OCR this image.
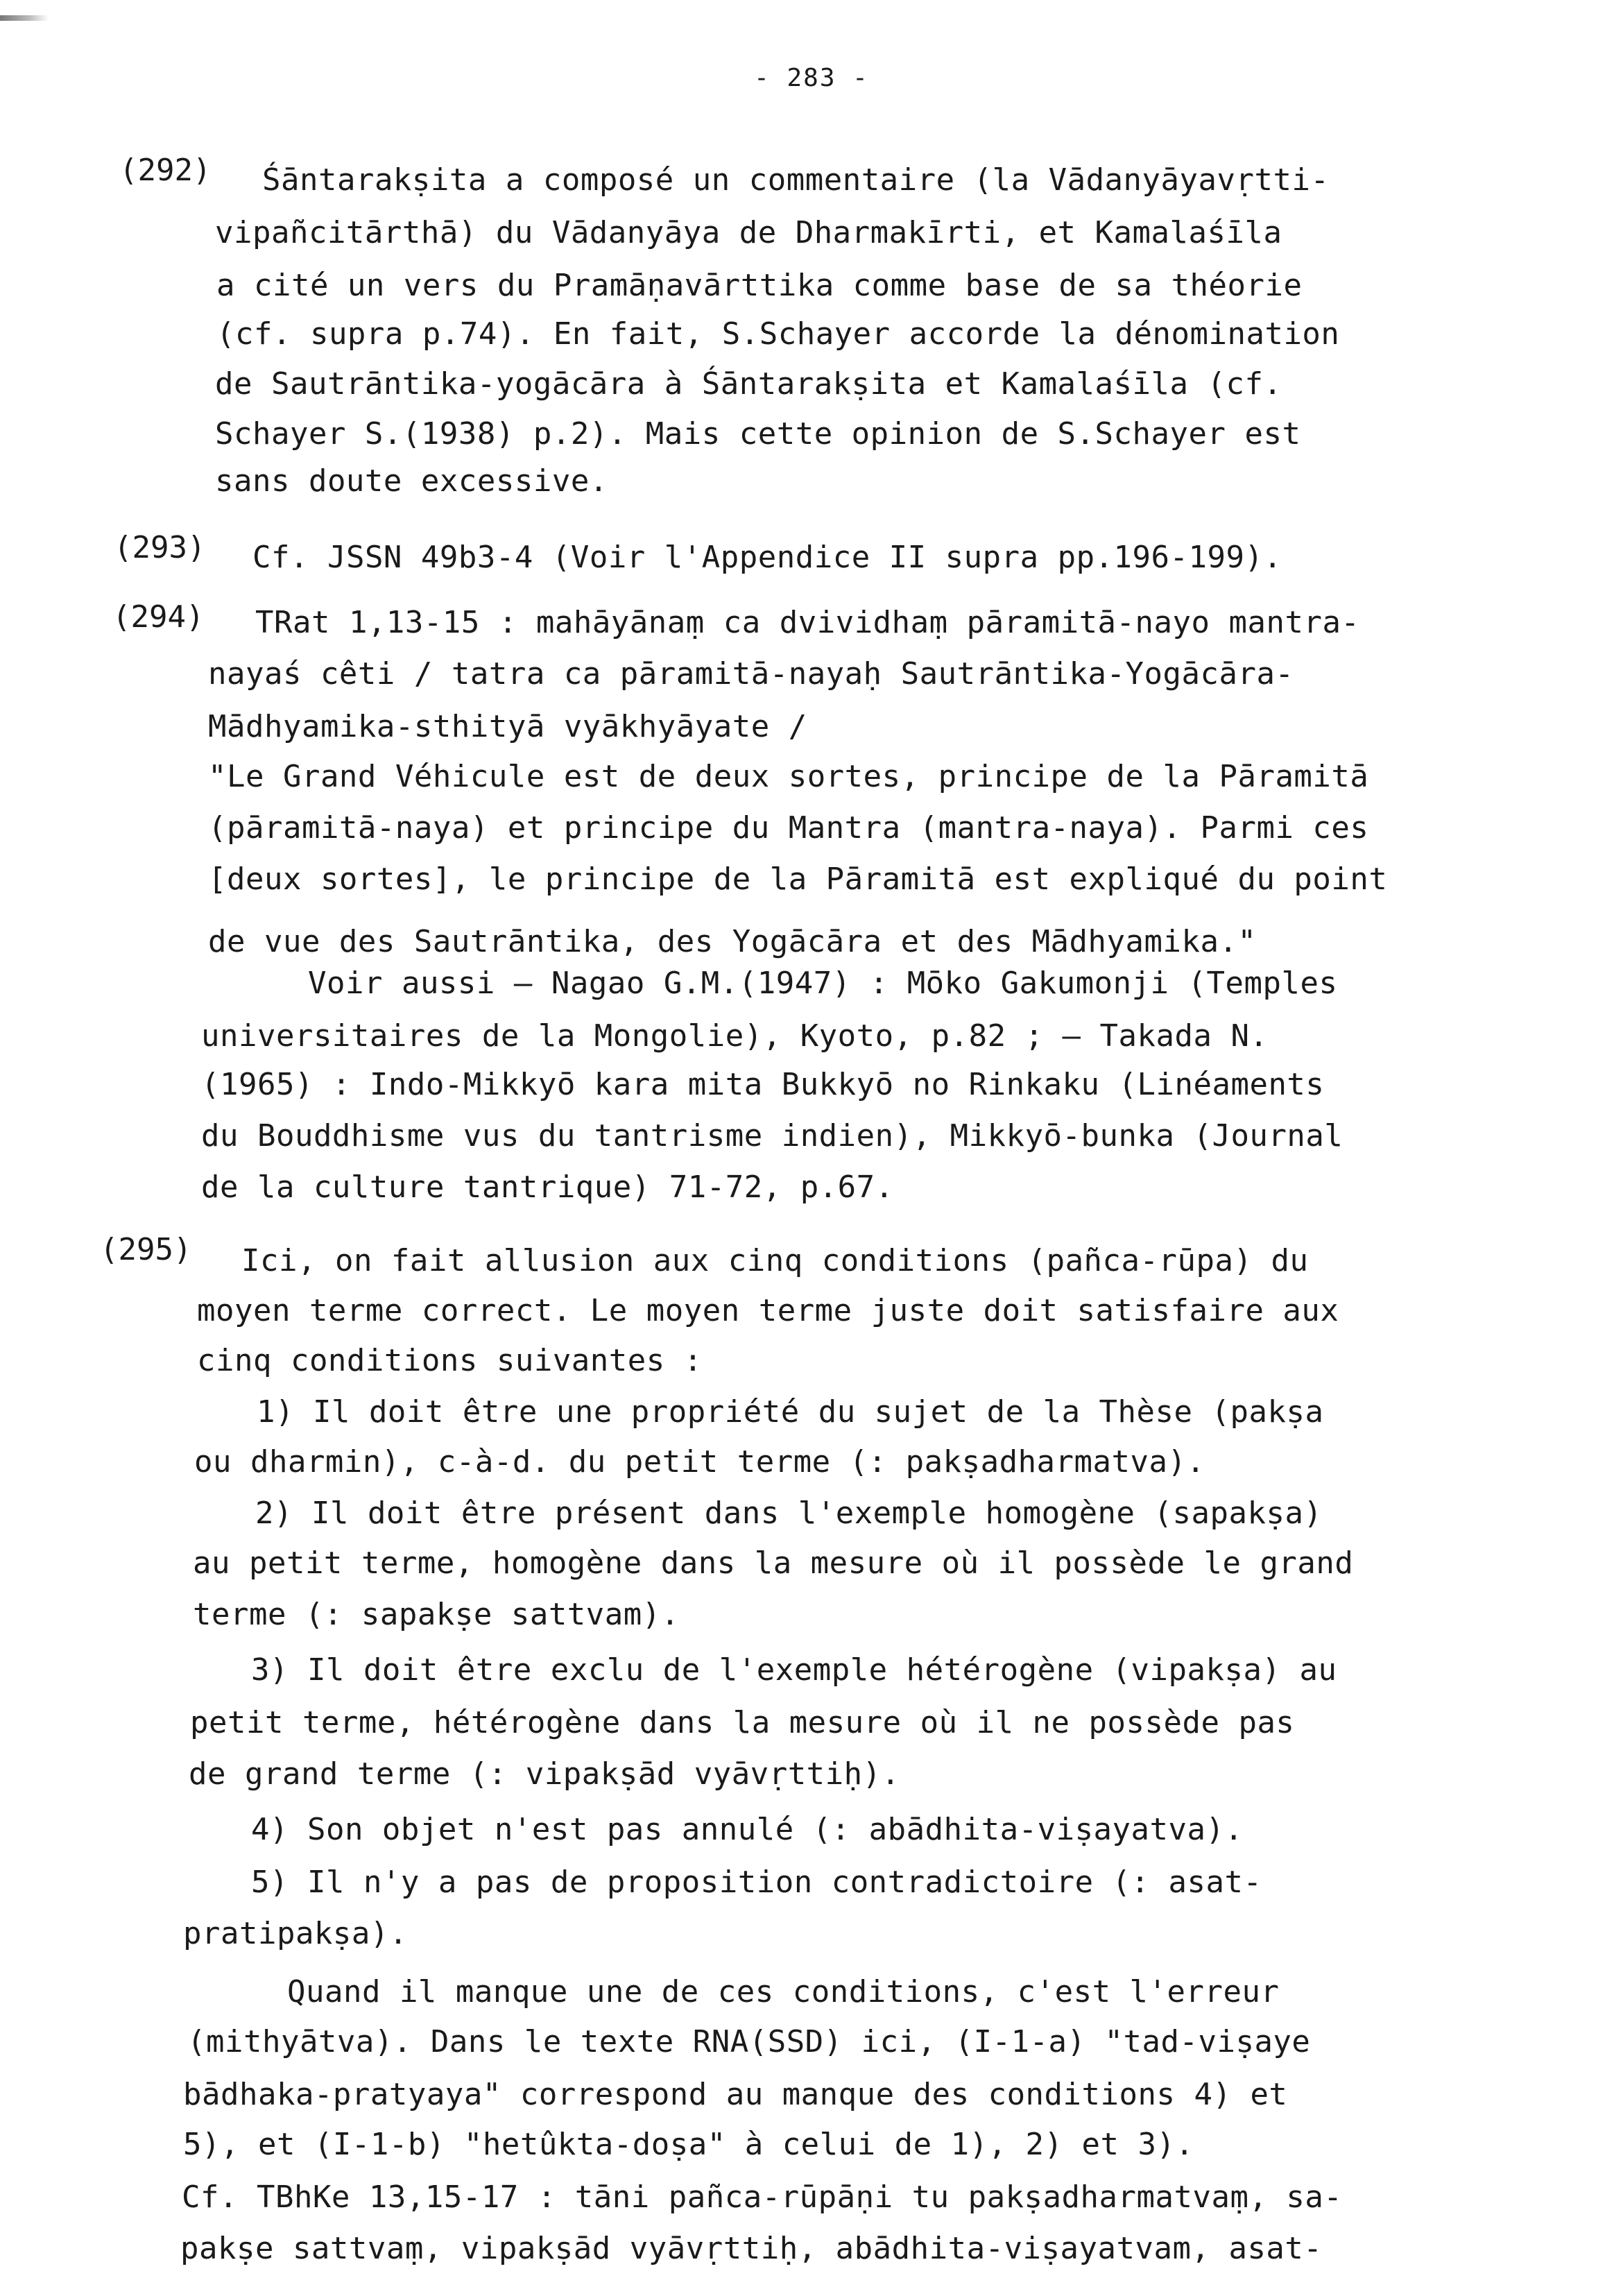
- 283 -
(292) Śāntarakṣita a composé un commentaire (la Vādanyāyavṛtti-
vipañcitārthā) du Vādanyāya de Dharmakīrti, et Kamalaśīla
a cité un vers du Pramāṇavārttika comme base de sa théorie
(cf. supra p.74). En fait, S.Schayer accorde la dénomination
de Sautrāntika-yogācāra à Śāntarakṣita et Kamalaśīla (cf.
Schayer S.(1938) p.2). Mais cette opinion de S.Schayer est
sans doute excessive.
(293) Cf. JSSN 49b3-4 (Voir l'Appendice II supra pp.196-199).
(294) TRat 1,13-15 : mahāyānaṃ ca dvividhaṃ pāramitā-nayo mantra-
nayaś cêti / tatra ca pāramitā-nayaḥ Sautrāntika-Yogācāra-
Mādhyamika-sthityā vyākhyāyate /
"Le Grand Véhicule est de deux sortes, principe de la Pāramitā
(pāramitā-naya) et principe du Mantra (mantra-naya). Parmi ces
[deux sortes], le principe de la Pāramitā est expliqué du point
de vue des Sautrāntika, des Yogācāra et des Mādhyamika."
Voir aussi — Nagao G.M.(1947) : Mōko Gakumonji (Temples
universitaires de la Mongolie), Kyoto, p.82 ; — Takada N.
(1965) : Indo-Mikkyō kara mita Bukkyō no Rinkaku (Linéaments
du Bouddhisme vus du tantrisme indien), Mikkyō-bunka (Journal
de la culture tantrique) 71-72, p.67.
(295) Ici, on fait allusion aux cinq conditions (pañca-rūpa) du
moyen terme correct. Le moyen terme juste doit satisfaire aux
cinq conditions suivantes :
1) Il doit être une propriété du sujet de la Thèse (pakṣa
ou dharmin), c-à-d. du petit terme (: pakṣadharmatva).
2) Il doit être présent dans l'exemple homogène (sapakṣa)
au petit terme, homogène dans la mesure où il possède le grand
terme (: sapakṣe sattvam).
3) Il doit être exclu de l'exemple hétérogène (vipakṣa) au
petit terme, hétérogène dans la mesure où il ne possède pas
de grand terme (: vipakṣād vyāvṛttiḥ).
4) Son objet n'est pas annulé (: abādhita-viṣayatva).
5) Il n'y a pas de proposition contradictoire (: asat-
pratipakṣa).
Quand il manque une de ces conditions, c'est l'erreur
(mithyātva). Dans le texte RNA(SSD) ici, (I-1-a) "tad-viṣaye
bādhaka-pratyaya" correspond au manque des conditions 4) et
5), et (I-1-b) "hetûkta-doṣa" à celui de 1), 2) et 3).
Cf. TBhKe 13,15-17 : tāni pañca-rūpāṇi tu pakṣadharmatvaṃ, sa-
pakṣe sattvaṃ, vipakṣād vyāvṛttiḥ, abādhita-viṣayatvam, asat-
